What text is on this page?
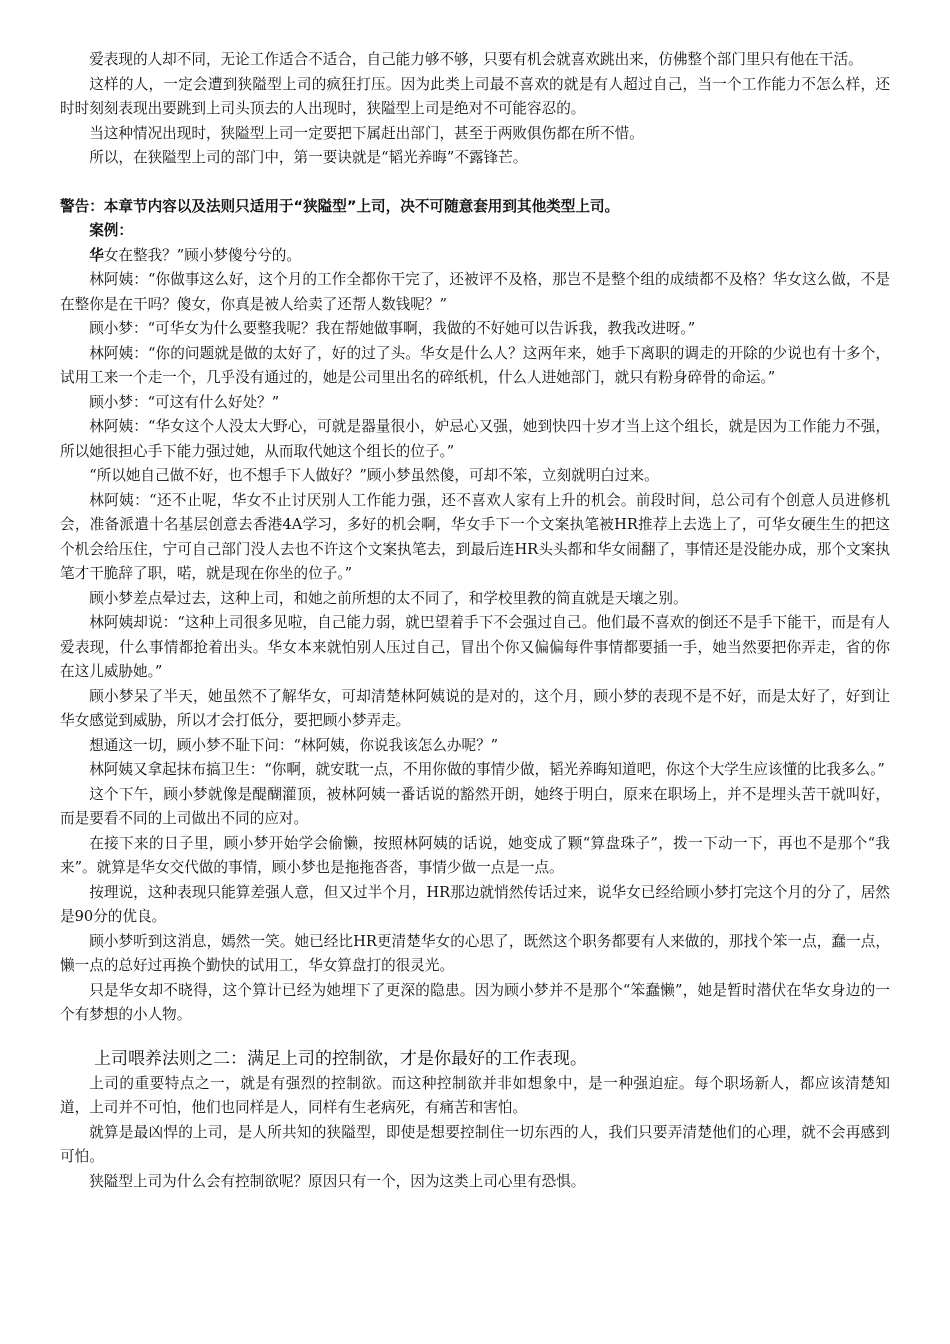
爱表现的人却不同，无论工作适合不适合，自己能力够不够，只要有机会就喜欢跳出来，仿佛整个部门里只有他在干活。

这样的人，一定会遭到狭隘型上司的疯狂打压。因为此类上司最不喜欢的就是有人超过自己，当一个工作能力不怎么样，还时时刻刻表现出要跳到上司头顶去的人出现时，狭隘型上司是绝对不可能容忍的。

当这种情况出现时，狭隘型上司一定要把下属赶出部门，甚至于两败俱伤都在所不惜。

所以，在狭隘型上司的部门中，第一要诀就是“韬光养晦”不露锋芒。

警告：本章节内容以及法则只适用于“狭隘型”上司，决不可随意套用到其他类型上司。

案例：

华女在整我？”顾小梦傻兮兮的。

林阿姨：“你做事这么好，这个月的工作全都你干完了，还被评不及格，那岂不是整个组的成绩都不及格？华女这么做，不是在整你是在干吗？傻女，你真是被人给卖了还帮人数钱呢？”

顾小梦：“可华女为什么要整我呢？我在帮她做事啊，我做的不好她可以告诉我，教我改进呀。”

林阿姨：“你的问题就是做的太好了，好的过了头。华女是什么人？这两年来，她手下离职的调走的开除的少说也有十多个，试用工来一个走一个，几乎没有通过的，她是公司里出名的碎纸机，什么人进她部门，就只有粉身碎骨的命运。”

顾小梦：“可这有什么好处？”

林阿姨：“华女这个人没太大野心，可就是器量很小，妒忌心又强，她到快四十岁才当上这个组长，就是因为工作能力不强，所以她很担心手下能力强过她，从而取代她这个组长的位子。”

“所以她自己做不好，也不想手下人做好？”顾小梦虽然傻，可却不笨，立刻就明白过来。

林阿姨：“还不止呢，华女不止讨厌别人工作能力强，还不喜欢人家有上升的机会。前段时间，总公司有个创意人员进修机会，准备派遣十名基层创意去香港4A学习，多好的机会啊，华女手下一个文案执笔被HR推荐上去选上了，可华女硬生生的把这个机会给压住，宁可自己部门没人去也不许这个文案执笔去，到最后连HR头头都和华女闹翻了，事情还是没能办成，那个文案执笔才干脆辞了职，喏，就是现在你坐的位子。”

顾小梦差点晕过去，这种上司，和她之前所想的太不同了，和学校里教的简直就是天壤之别。

林阿姨却说：“这种上司很多见啦，自己能力弱，就巴望着手下不会强过自己。他们最不喜欢的倒还不是手下能干，而是有人爱表现，什么事情都抢着出头。华女本来就怕别人压过自己，冒出个你又偏偏每件事情都要插一手，她当然要把你弄走，省的你在这儿威胁她。”

顾小梦呆了半天，她虽然不了解华女，可却清楚林阿姨说的是对的，这个月，顾小梦的表现不是不好，而是太好了，好到让华女感觉到威胁，所以才会打低分，要把顾小梦弄走。

想通这一切，顾小梦不耻下问：“林阿姨，你说我该怎么办呢？”

林阿姨又拿起抹布搞卫生：“你啊，就安耽一点，不用你做的事情少做，韬光养晦知道吧，你这个大学生应该懂的比我多么。”

这个下午，顾小梦就像是醍醐灌顶，被林阿姨一番话说的豁然开朗，她终于明白，原来在职场上，并不是埋头苦干就叫好，而是要看不同的上司做出不同的应对。

在接下来的日子里，顾小梦开始学会偷懒，按照林阿姨的话说，她变成了颗“算盘珠子”，拨一下动一下，再也不是那个“我来”。就算是华女交代做的事情，顾小梦也是拖拖沓沓，事情少做一点是一点。

按理说，这种表现只能算差强人意，但又过半个月，HR那边就悄然传话过来，说华女已经给顾小梦打完这个月的分了，居然是90分的优良。

顾小梦听到这消息，嫣然一笑。她已经比HR更清楚华女的心思了，既然这个职务都要有人来做的，那找个笨一点，蠢一点，懒一点的总好过再换个勤快的试用工，华女算盘打的很灵光。

只是华女却不晓得，这个算计已经为她埋下了更深的隐患。因为顾小梦并不是那个“笨蠢懒”，她是暂时潜伏在华女身边的一个有梦想的小人物。

上司喂养法则之二：满足上司的控制欲，才是你最好的工作表现。

上司的重要特点之一，就是有强烈的控制欲。而这种控制欲并非如想象中，是一种强迫症。每个职场新人，都应该清楚知道，上司并不可怕，他们也同样是人，同样有生老病死，有痛苦和害怕。

就算是最凶悍的上司，是人所共知的狭隘型，即使是想要控制住一切东西的人，我们只要弄清楚他们的心理，就不会再感到可怕。

狭隘型上司为什么会有控制欲呢？原因只有一个，因为这类上司心里有恐惧。
